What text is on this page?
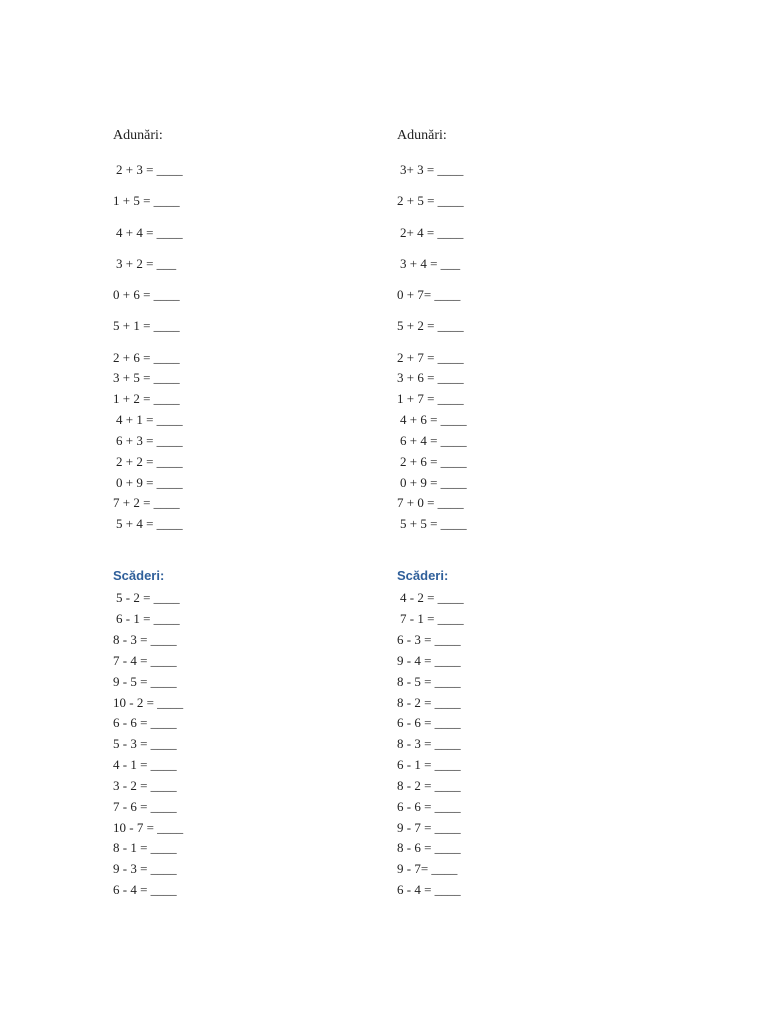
Adunări:
2 + 3 = ____
1 + 5 = ____
4 + 4 = ____
3 + 2 = ___
0 + 6 = ____
5 + 1 = ____
2 + 6 = ____
3 + 5 = ____
1 + 2 = ____
4 + 1 = ____
6 + 3 = ____
2 + 2 = ____
0 + 9 = ____
7 + 2 = ____
5 + 4 = ____
Scăderi:
5 - 2 = ____
6 - 1 = ____
8 - 3 = ____
7 - 4 = ____
9 - 5 = ____
10 - 2 = ____
6 - 6 = ____
5 - 3 = ____
4 - 1 = ____
3 - 2 = ____
7 - 6 = ____
10 - 7 = ____
8 - 1 = ____
9 - 3 = ____
6 - 4 = ____
Adunări:
3+ 3 = ____
2 + 5 = ____
2+ 4 = ____
3 + 4 = ___
0 + 7= ____
5 + 2 = ____
2 + 7 = ____
3 + 6 = ____
1 + 7 = ____
4 + 6 = ____
6 + 4 = ____
2 + 6 = ____
0 + 9 = ____
7 + 0 = ____
5 + 5 = ____
Scăderi:
4 - 2 = ____
7 - 1 = ____
6 - 3 = ____
9 - 4 = ____
8 - 5 = ____
8 - 2 = ____
6 - 6 = ____
8 - 3 = ____
6 - 1 = ____
8 - 2 = ____
6 - 6 = ____
9 - 7 = ____
8 - 6 = ____
9 - 7= ____
6 - 4 = ____
